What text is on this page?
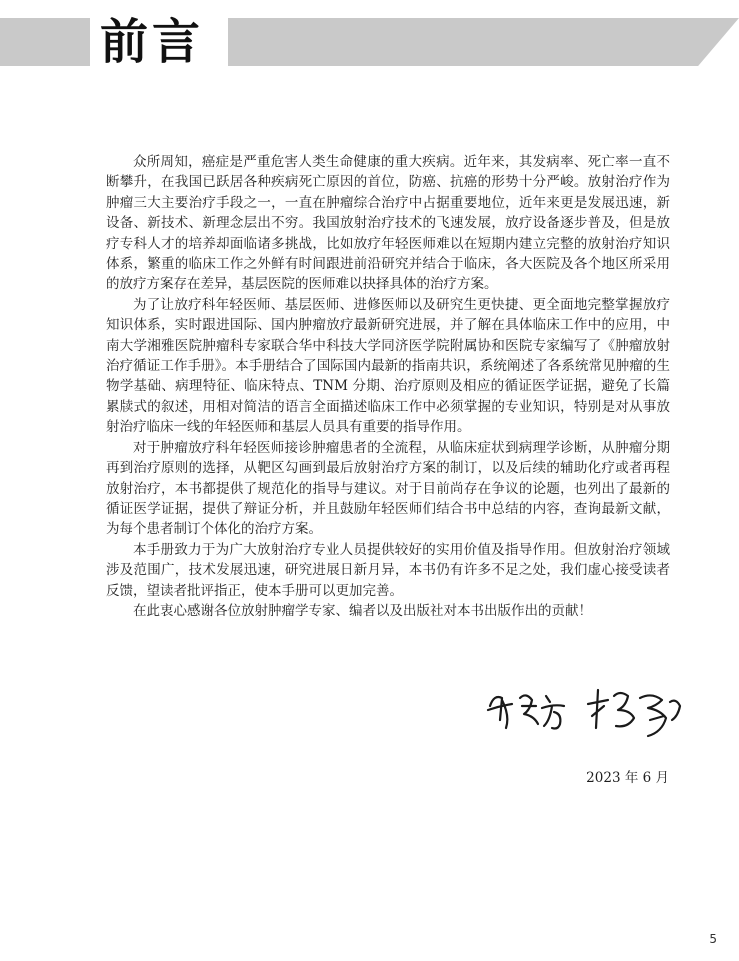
前言

众所周知，癌症是严重危害人类生命健康的重大疾病。近年来，其发病率、死亡率一直不断攀升，在我国已跃居各种疾病死亡原因的首位，防癌、抗癌的形势十分严峻。放射治疗作为肿瘤三大主要治疗手段之一，一直在肿瘤综合治疗中占据重要地位，近年来更是发展迅速，新设备、新技术、新理念层出不穷。我国放射治疗技术的飞速发展，放疗设备逐步普及，但是放疗专科人才的培养却面临诸多挑战，比如放疗年轻医师难以在短期内建立完整的放射治疗知识体系，繁重的临床工作之外鲜有时间跟进前沿研究并结合于临床，各大医院及各个地区所采用的放疗方案存在差异，基层医院的医师难以抉择具体的治疗方案。

为了让放疗科年轻医师、基层医师、进修医师以及研究生更快捷、更全面地完整掌握放疗知识体系，实时跟进国际、国内肿瘤放疗最新研究进展，并了解在具体临床工作中的应用，中南大学湘雅医院肿瘤科专家联合华中科技大学同济医学院附属协和医院专家编写了《肿瘤放射治疗循证工作手册》。本手册结合了国际国内最新的指南共识，系统阐述了各系统常见肿瘤的生物学基础、病理特征、临床特点、TNM 分期、治疗原则及相应的循证医学证据，避免了长篇累牍式的叙述，用相对简洁的语言全面描述临床工作中必须掌握的专业知识，特别是对从事放射治疗临床一线的年轻医师和基层人员具有重要的指导作用。

对于肿瘤放疗科年轻医师接诊肿瘤患者的全流程，从临床症状到病理学诊断，从肿瘤分期再到治疗原则的选择，从靶区勾画到最后放射治疗方案的制订，以及后续的辅助化疗或者再程放射治疗，本书都提供了规范化的指导与建议。对于目前尚存在争议的论题，也列出了最新的循证医学证据，提供了辩证分析，并且鼓励年轻医师们结合书中总结的内容，查询最新文献，为每个患者制订个体化的治疗方案。

本手册致力于为广大放射治疗专业人员提供较好的实用价值及指导作用。但放射治疗领域涉及范围广，技术发展迅速，研究进展日新月异，本书仍有许多不足之处，我们虚心接受读者反馈，望读者批评指正，使本手册可以更加完善。

在此衷心感谢各位放射肿瘤学专家、编者以及出版社对本书出版作出的贡献！

2023 年 6 月
5
